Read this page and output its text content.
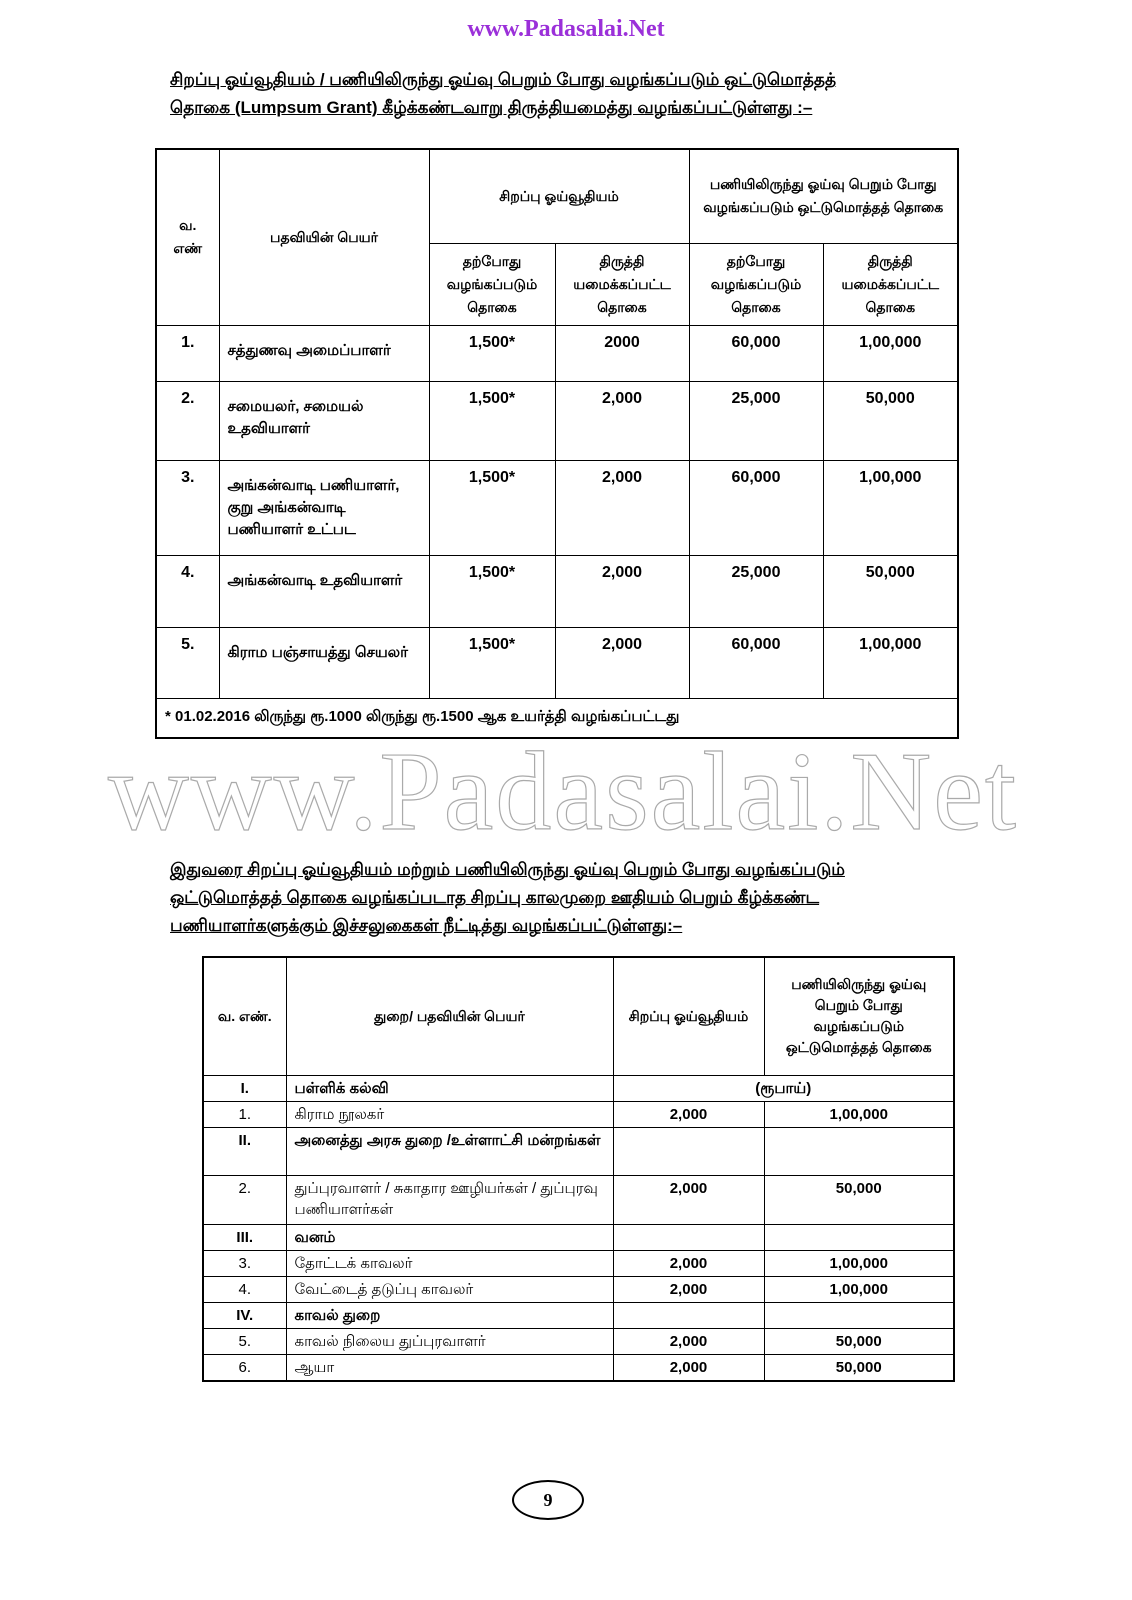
www.Padasalai.Net
www.Padasalai.Net
சிறப்பு ஓய்வூதியம் / பணியிலிருந்து ஓய்வு பெறும் போது வழங்கப்படும் ஒட்டுமொத்தத்
தொகை (Lumpsum Grant) கீழ்க்கண்டவாறு திருத்தியமைத்து வழங்கப்பட்டுள்ளது :–
வ. எண்	பதவியின் பெயர்	சிறப்பு ஓய்வூதியம்		பணியிலிருந்து ஓய்வு பெறும் போது வழங்கப்படும் ஒட்டுமொத்தத் தொகை	
		தற்போது வழங்கப்படும் தொகை	திருத்தி யமைக்கப்பட்ட தொகை	தற்போது வழங்கப்படும் தொகை	திருத்தி யமைக்கப்பட்ட தொகை
1.	சத்துணவு அமைப்பாளர்	1,500*	2000	60,000	1,00,000
2.	சமையலர், சமையல் உதவியாளர்	1,500*	2,000	25,000	50,000
3.	அங்கன்வாடி பணியாளர், குறு அங்கன்வாடி பணியாளர் உட்பட	1,500*	2,000	60,000	1,00,000
4.	அங்கன்வாடி உதவியாளர்	1,500*	2,000	25,000	50,000
5.	கிராம பஞ்சாயத்து செயலர்	1,500*	2,000	60,000	1,00,000
* 01.02.2016 லிருந்து ரூ.1000 லிருந்து ரூ.1500 ஆக உயர்த்தி வழங்கப்பட்டது					
இதுவரை சிறப்பு ஓய்வூதியம் மற்றும் பணியிலிருந்து ஓய்வு பெறும் போது வழங்கப்படும்
ஒட்டுமொத்தத் தொகை வழங்கப்படாத சிறப்பு காலமுறை ஊதியம் பெறும் கீழ்க்கண்ட
பணியாளர்களுக்கும் இச்சலுகைகள் நீட்டித்து வழங்கப்பட்டுள்ளது:–
வ. எண்.	துறை/ பதவியின் பெயர்	சிறப்பு ஓய்வூதியம்	பணியிலிருந்து ஓய்வு பெறும் போது வழங்கப்படும் ஒட்டுமொத்தத் தொகை
I.	பள்ளிக் கல்வி	(ரூபாய்)	
1.	கிராம நூலகர்	2,000	1,00,000
II.	அனைத்து அரசு துறை /உள்ளாட்சி மன்றங்கள்		
2.	துப்புரவாளர் / சுகாதார ஊழியர்கள் / துப்புரவு பணியாளர்கள்	2,000	50,000
III.	வனம்		
3.	தோட்டக் காவலர்	2,000	1,00,000
4.	வேட்டைத் தடுப்பு காவலர்	2,000	1,00,000
IV.	காவல் துறை		
5.	காவல் நிலைய துப்புரவாளர்	2,000	50,000
6.	ஆயா	2,000	50,000
9
